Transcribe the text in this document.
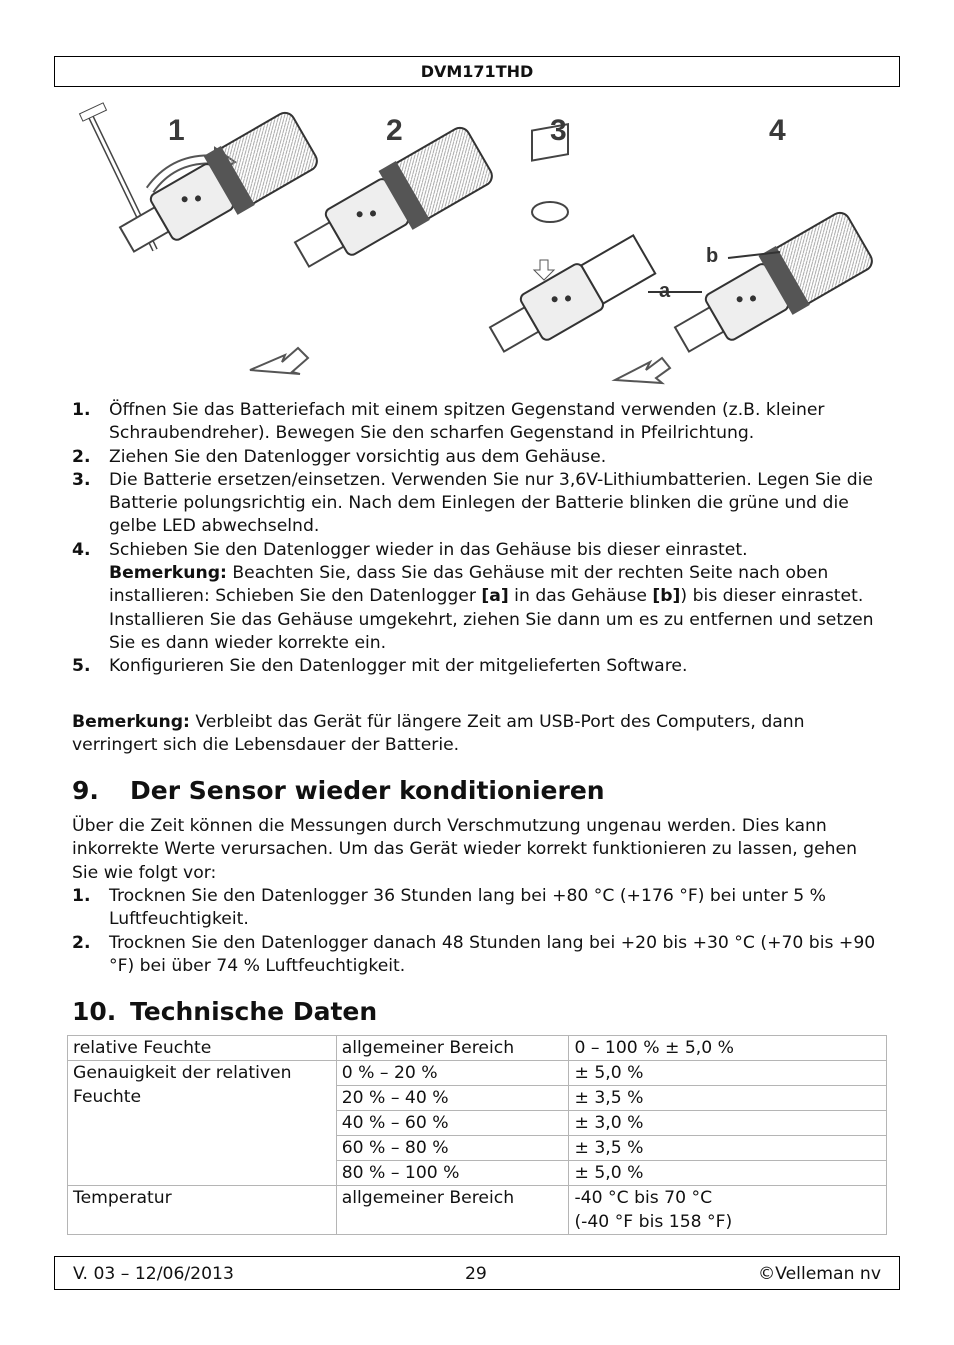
DVM171THD
1	2	3	4
b
a
1. Öffnen Sie das Batteriefach mit einem spitzen Gegenstand verwenden (z.B. kleiner Schraubendreher). Bewegen Sie den scharfen Gegenstand in Pfeilrichtung.
2. Ziehen Sie den Datenlogger vorsichtig aus dem Gehäuse.
3. Die Batterie ersetzen/einsetzen. Verwenden Sie nur 3,6V-Lithiumbatterien. Legen Sie die Batterie polungsrichtig ein. Nach dem Einlegen der Batterie blinken die grüne und die gelbe LED abwechselnd.
4. Schieben Sie den Datenlogger wieder in das Gehäuse bis dieser einrastet.
Bemerkung: Beachten Sie, dass Sie das Gehäuse mit der rechten Seite nach oben installieren: Schieben Sie den Datenlogger [a] in das Gehäuse [b]) bis dieser einrastet. Installieren Sie das Gehäuse umgekehrt, ziehen Sie dann um es zu entfernen und setzen Sie es dann wieder korrekte ein.
5. Konfigurieren Sie den Datenlogger mit der mitgelieferten Software.
Bemerkung: Verbleibt das Gerät für längere Zeit am USB-Port des Computers, dann verringert sich die Lebensdauer der Batterie.
9. Der Sensor wieder konditionieren
Über die Zeit können die Messungen durch Verschmutzung ungenau werden. Dies kann inkorrekte Werte verursachen. Um das Gerät wieder korrekt funktionieren zu lassen, gehen Sie wie folgt vor:
1. Trocknen Sie den Datenlogger 36 Stunden lang bei +80 °C (+176 °F) bei unter 5 % Luftfeuchtigkeit.
2. Trocknen Sie den Datenlogger danach 48 Stunden lang bei +20 bis +30 °C (+70 bis +90 °F) bei über 74 % Luftfeuchtigkeit.
10. Technische Daten
relative Feuchte	allgemeiner Bereich	0 – 100 % ± 5,0 %
Genauigkeit der relativen Feuchte	0 % – 20 %	± 5,0 %
	20 % – 40 %	± 3,5 %
	40 % – 60 %	± 3,0 %
	60 % – 80 %	± 3,5 %
	80 % – 100 %	± 5,0 %
Temperatur	allgemeiner Bereich	-40 °C bis 70 °C
(-40 °F bis 158 °F)
V. 03 – 12/06/2013	29	©Velleman nv
